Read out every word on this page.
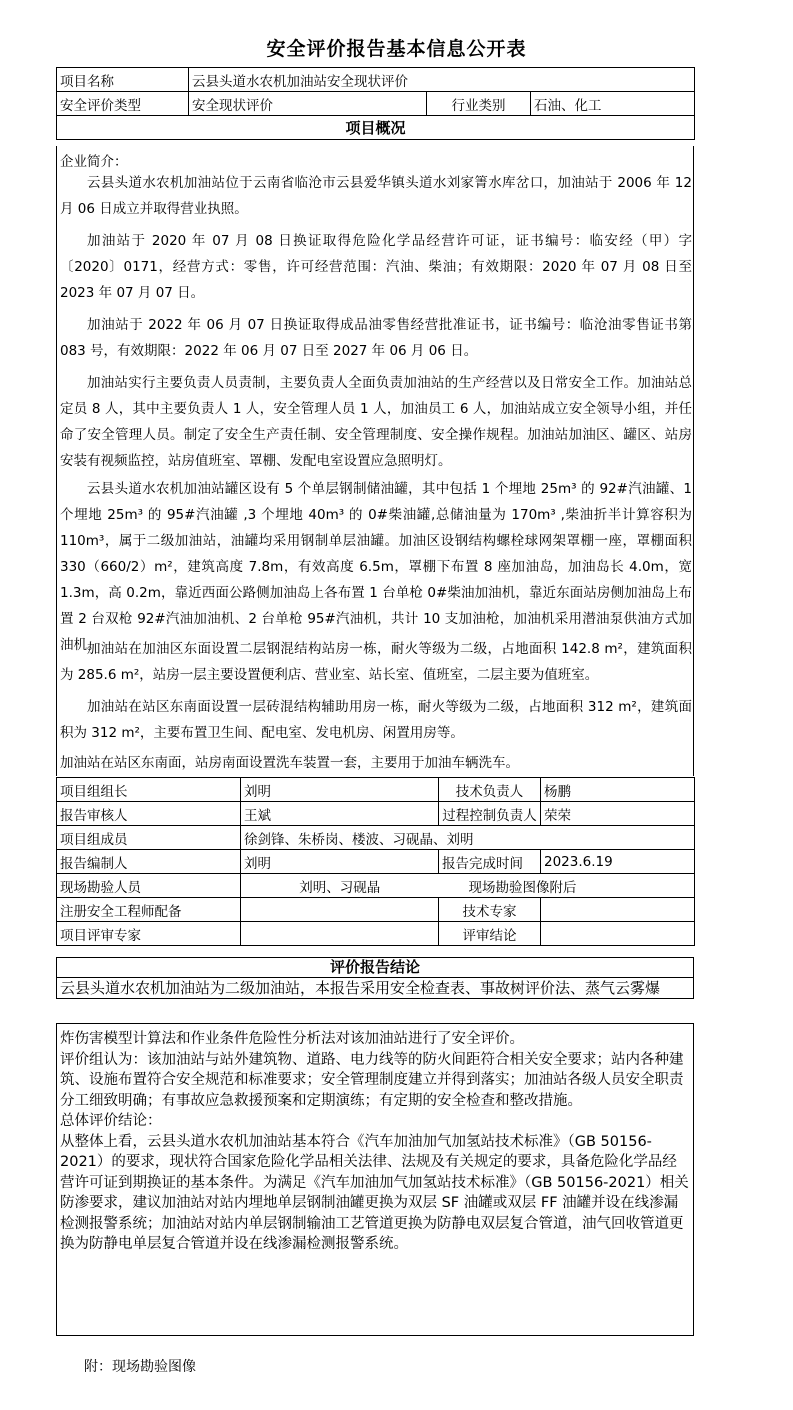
安全评价报告基本信息公开表
项目名称	云县头道水农机加油站安全现状评价		
安全评价类型	安全现状评价	行业类别	石油、化工
项目概况			
企业简介：

云县头道水农机加油站位于云南省临沧市云县爱华镇头道水刘家箐水库岔口，加油站于 2006 年 12 月 06 日成立并取得营业执照。

加油站于 2020 年 07 月 08 日换证取得危险化学品经营许可证，证书编号：临安经（甲）字〔2020〕0171，经营方式：零售，许可经营范围：汽油、柴油；有效期限：2020 年 07 月 08 日至 2023 年 07 月 07 日。

加油站于 2022 年 06 月 07 日换证取得成品油零售经营批准证书，证书编号：临沧油零售证书第 083 号，有效期限：2022 年 06 月 07 日至 2027 年 06 月 06 日。

加油站实行主要负责人员责制，主要负责人全面负责加油站的生产经营以及日常安全工作。加油站总定员 8 人，其中主要负责人 1 人，安全管理人员 1 人，加油员工 6 人，加油站成立安全领导小组，并任命了安全管理人员。制定了安全生产责任制、安全管理制度、安全操作规程。加油站加油区、罐区、站房安装有视频监控，站房值班室、罩棚、发配电室设置应急照明灯。

云县头道水农机加油站罐区设有 5 个单层钢制储油罐，其中包括 1 个埋地 25m³ 的 92#汽油罐、1 个埋地 25m³ 的 95#汽油罐 ,3 个埋地 40m³ 的 0#柴油罐,总储油量为 170m³ ,柴油折半计算容积为 110m³，属于二级加油站，油罐均采用钢制单层油罐。加油区设钢结构螺栓球网架罩棚一座，罩棚面积 330（660/2）m²，建筑高度 7.8m，有效高度 6.5m，罩棚下布置 8 座加油岛，加油岛长 4.0m，宽 1.3m，高 0.2m，靠近西面公路侧加油岛上各布置 1 台单枪 0#柴油加油机，靠近东面站房侧加油岛上布置 2 台双枪 92#汽油加油机、2 台单枪 95#汽油机，共计 10 支加油枪，加油机采用潜油泵供油方式加油机。

加油站在加油区东面设置二层钢混结构站房一栋，耐火等级为二级，占地面积 142.8 m²，建筑面积为 285.6 m²，站房一层主要设置便利店、营业室、站长室、值班室，二层主要为值班室。

加油站在站区东南面设置一层砖混结构辅助用房一栋，耐火等级为二级，占地面积 312 m²，建筑面积为 312 m²，主要布置卫生间、配电室、发电机房、闲置用房等。

加油站在站区东南面，站房南面设置洗车装置一套，主要用于加油车辆洗车。

项目组组长	刘明	技术负责人	杨鹏
报告审核人	王斌	过程控制负责人	荣荣
项目组成员	徐剑锋、朱桥岗、楼波、习砚晶、刘明		
报告编制人	刘明	报告完成时间	2023.6.19
现场勘验人员	刘明、习砚晶	现场勘验图像附后	
注册安全工程师配备		技术专家	
项目评审专家		评审结论	
评价报告结论
云县头道水农机加油站为二级加油站，本报告采用安全检查表、事故树评价法、蒸气云雾爆
炸伤害模型计算法和作业条件危险性分析法对该加油站进行了安全评价。
评价组认为：该加油站与站外建筑物、道路、电力线等的防火间距符合相关安全要求；站内各种建筑、设施布置符合安全规范和标准要求；安全管理制度建立并得到落实；加油站各级人员安全职责分工细致明确；有事故应急救援预案和定期演练；有定期的安全检查和整改措施。
总体评价结论：
从整体上看，云县头道水农机加油站基本符合《汽车加油加气加氢站技术标准》（GB 50156-2021）的要求，现状符合国家危险化学品相关法律、法规及有关规定的要求，具备危险化学品经营许可证到期换证的基本条件。为满足《汽车加油加气加氢站技术标准》（GB 50156-2021）相关防渗要求，建议加油站对站内埋地单层钢制油罐更换为双层 SF 油罐或双层 FF 油罐并设在线渗漏检测报警系统；加油站对站内单层钢制输油工艺管道更换为防静电双层复合管道，油气回收管道更换为防静电单层复合管道并设在线渗漏检测报警系统。
附：现场勘验图像
